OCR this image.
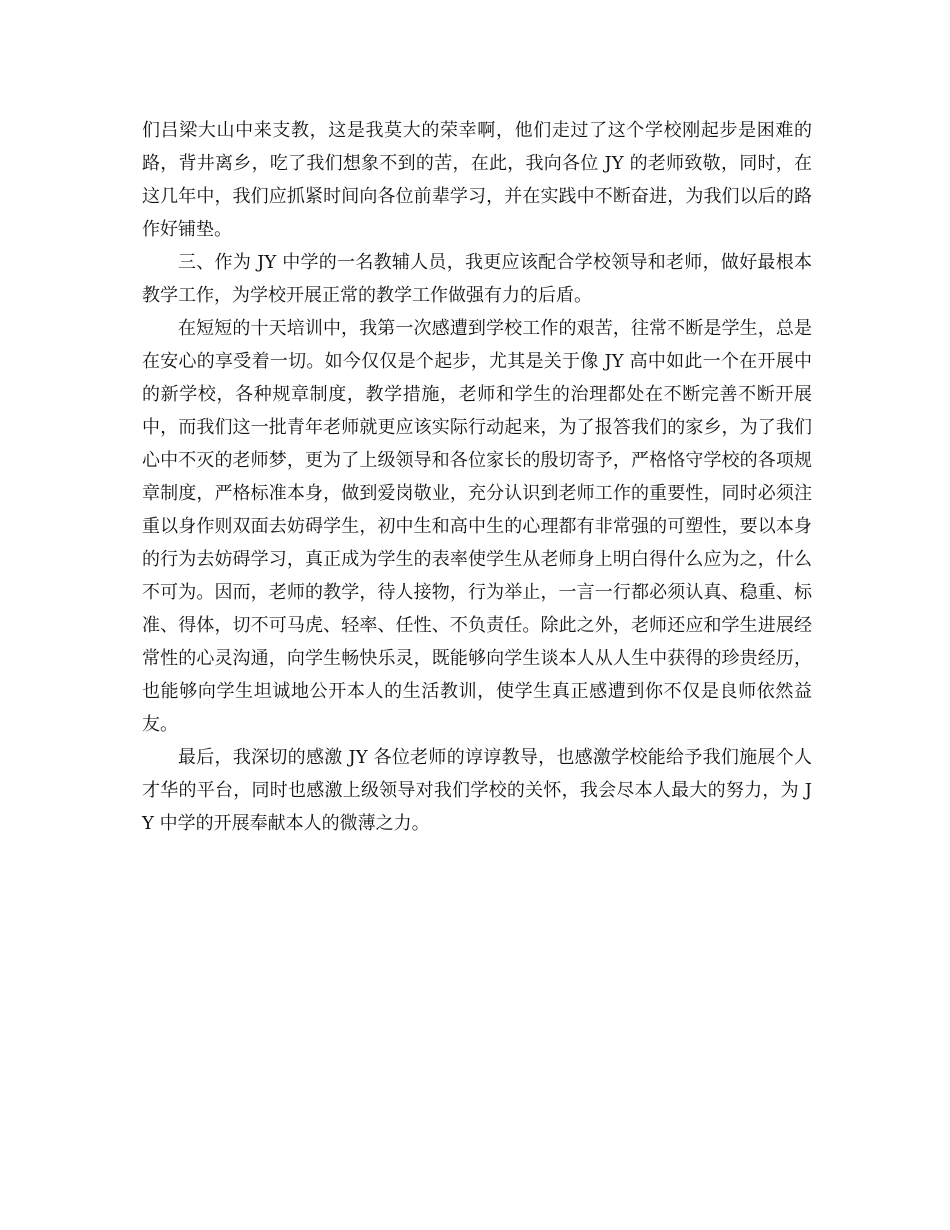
们吕梁大山中来支教，这是我莫大的荣幸啊，他们走过了这个学校刚起步是困难的路，背井离乡，吃了我们想象不到的苦，在此，我向各位 JY 的老师致敬，同时，在这几年中，我们应抓紧时间向各位前辈学习，并在实践中不断奋进，为我们以后的路作好铺垫。

三、作为 JY 中学的一名教辅人员，我更应该配合学校领导和老师，做好最根本教学工作，为学校开展正常的教学工作做强有力的后盾。

在短短的十天培训中，我第一次感遭到学校工作的艰苦，往常不断是学生，总是在安心的享受着一切。如今仅仅是个起步，尤其是关于像 JY 高中如此一个在开展中的新学校，各种规章制度，教学措施，老师和学生的治理都处在不断完善不断开展中，而我们这一批青年老师就更应该实际行动起来，为了报答我们的家乡，为了我们心中不灭的老师梦，更为了上级领导和各位家长的殷切寄予，严格恪守学校的各项规章制度，严格标准本身，做到爱岗敬业，充分认识到老师工作的重要性，同时必须注重以身作则双面去妨碍学生，初中生和高中生的心理都有非常强的可塑性，要以本身的行为去妨碍学习，真正成为学生的表率使学生从老师身上明白得什么应为之，什么不可为。因而，老师的教学，待人接物，行为举止，一言一行都必须认真、稳重、标准、得体，切不可马虎、轻率、任性、不负责任。除此之外，老师还应和学生进展经常性的心灵沟通，向学生畅快乐灵，既能够向学生谈本人从人生中获得的珍贵经历，也能够向学生坦诚地公开本人的生活教训，使学生真正感遭到你不仅是良师依然益友。

最后，我深切的感激 JY 各位老师的谆谆教导，也感激学校能给予我们施展个人才华的平台，同时也感激上级领导对我们学校的关怀，我会尽本人最大的努力，为 JY 中学的开展奉献本人的微薄之力。
